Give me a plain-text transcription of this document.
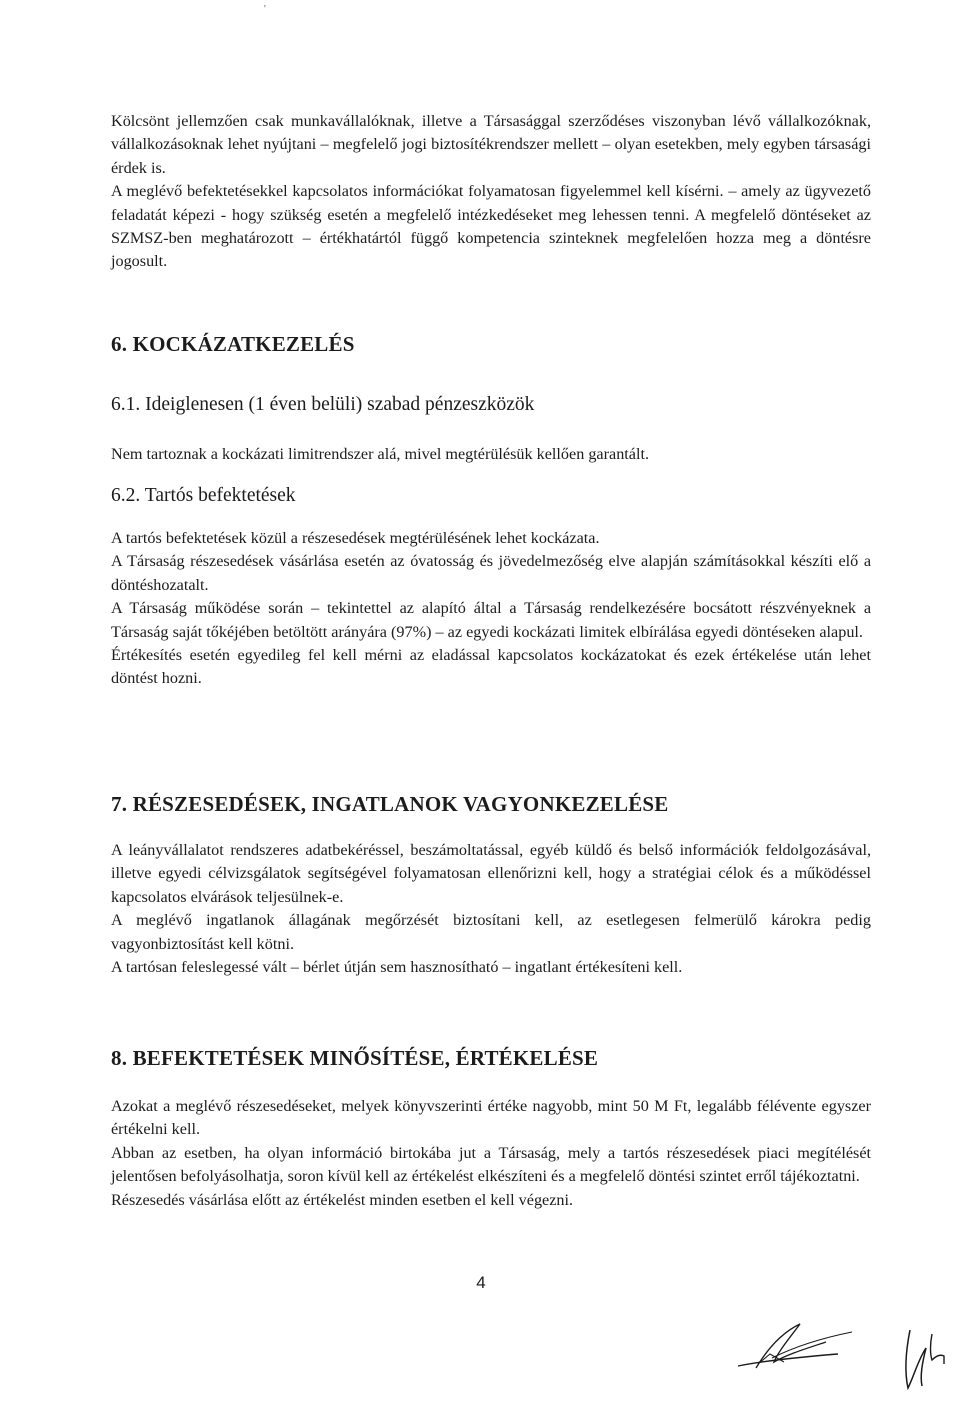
'

Kölcsönt jellemzően csak munkavállalóknak, illetve a Társasággal szerződéses viszonyban lévő vállalkozóknak, vállalkozásoknak lehet nyújtani – megfelelő jogi biztosítékrendszer mellett – olyan esetekben, mely egyben társasági érdek is.

A meglévő befektetésekkel kapcsolatos információkat folyamatosan figyelemmel kell kísérni. – amely az ügyvezető feladatát képezi - hogy szükség esetén a megfelelő intézkedéseket meg lehessen tenni. A megfelelő döntéseket az SZMSZ-ben meghatározott – értékhatártól függő kompetencia szinteknek megfelelően hozza meg a döntésre jogosult.

6. KOCKÁZATKEZELÉS
6.1. Ideiglenesen (1 éven belüli) szabad pénzeszközök
Nem tartoznak a kockázati limitrendszer alá, mivel megtérülésük kellően garantált.
6.2. Tartós befektetések

A tartós befektetések közül a részesedések megtérülésének lehet kockázata.

A Társaság részesedések vásárlása esetén az óvatosság és jövedelmezőség elve alapján számításokkal készíti elő a döntéshozatalt.

A Társaság működése során – tekintettel az alapító által a Társaság rendelkezésére bocsátott részvényeknek a Társaság saját tőkéjében betöltött arányára (97%) – az egyedi kockázati limitek elbírálása egyedi döntéseken alapul.

Értékesítés esetén egyedileg fel kell mérni az eladással kapcsolatos kockázatokat és ezek értékelése után lehet döntést hozni.

7. RÉSZESEDÉSEK, INGATLANOK VAGYONKEZELÉSE

A leányvállalatot rendszeres adatbekéréssel, beszámoltatással, egyéb küldő és belső információk feldolgozásával, illetve egyedi célvizsgálatok segítségével folyamatosan ellenőrizni kell, hogy a stratégiai célok és a működéssel kapcsolatos elvárások teljesülnek-e.

A meglévő ingatlanok állagának megőrzését biztosítani kell, az esetlegesen felmerülő károkra pedig vagyonbiztosítást kell kötni.

A tartósan feleslegessé vált – bérlet útján sem hasznosítható – ingatlant értékesíteni kell.

8. BEFEKTETÉSEK MINŐSÍTÉSE, ÉRTÉKELÉSE

Azokat a meglévő részesedéseket, melyek könyvszerinti értéke nagyobb, mint 50 M Ft, legalább félévente egyszer értékelni kell.

Abban az esetben, ha olyan információ birtokába jut a Társaság, mely a tartós részesedések piaci megítélését jelentősen befolyásolhatja, soron kívül kell az értékelést elkészíteni és a megfelelő döntési szintet erről tájékoztatni.

Részesedés vásárlása előtt az értékelést minden esetben el kell végezni.

4
